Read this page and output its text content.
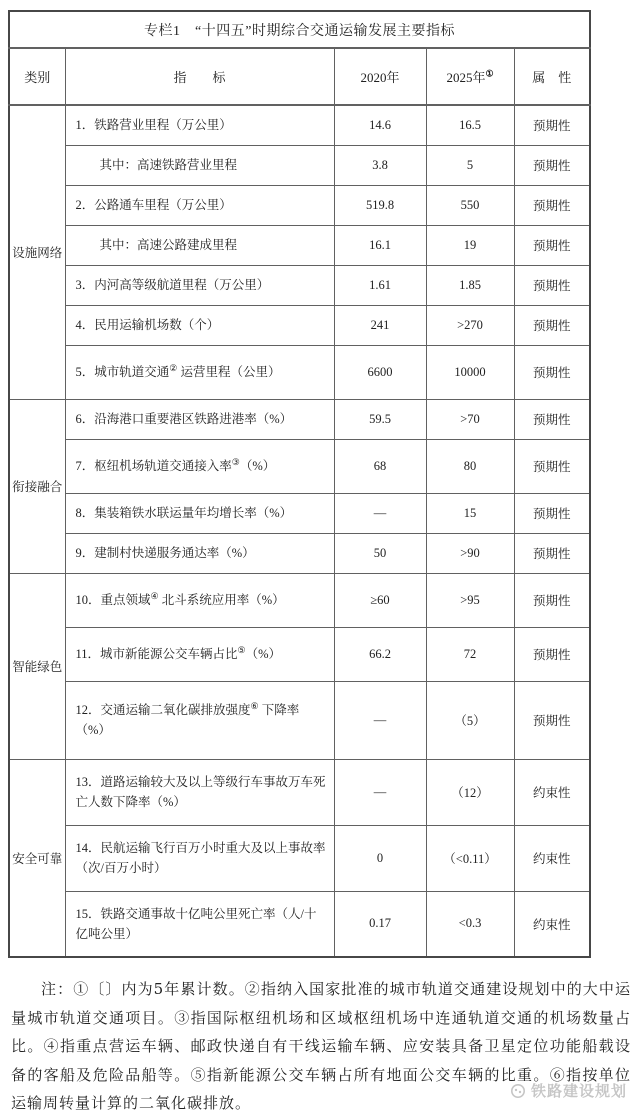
专栏1　“十四五”时期综合交通运输发展主要指标				
类别	指　　标	2020年	2025年①	属　性
设施网络	1．铁路营业里程（万公里）	14.6	16.5	预期性
	其中：高速铁路营业里程	3.8	5	预期性
	2．公路通车里程（万公里）	519.8	550	预期性
	其中：高速公路建成里程	16.1	19	预期性
	3．内河高等级航道里程（万公里）	1.61	1.85	预期性
	4．民用运输机场数（个）	241	>270	预期性
	5．城市轨道交通② 运营里程（公里）	6600	10000	预期性
衔接融合	6．沿海港口重要港区铁路进港率（%）	59.5	>70	预期性
	7．枢纽机场轨道交通接入率③（%）	68	80	预期性
	8．集装箱铁水联运量年均增长率（%）	—	15	预期性
	9．建制村快递服务通达率（%）	50	>90	预期性
智能绿色	10．重点领域④ 北斗系统应用率（%）	≥60	>95	预期性
	11．城市新能源公交车辆占比⑤（%）	66.2	72	预期性
	12．交通运输二氧化碳排放强度⑥ 下降率（%）	—	（5）	预期性
安全可靠	13．道路运输较大及以上等级行车事故万车死亡人数下降率（%）	—	（12）	约束性
	14．民航运输飞行百万小时重大及以上事故率（次/百万小时）	0	（<0.11）	约束性
	15．铁路交通事故十亿吨公里死亡率（人/十亿吨公里）	0.17	<0.3	约束性

注：①〔〕内为5年累计数。②指纳入国家批准的城市轨道交通建设规划中的大中运量城市轨道交通项目。③指国际枢纽机场和区域枢纽机场中连通轨道交通的机场数量占比。④指重点营运车辆、邮政快递自有干线运输车辆、应安装具备卫星定位功能船载设备的客船及危险品船等。⑤指新能源公交车辆占所有地面公交车辆的比重。⑥指按单位运输周转量计算的二氧化碳排放。

铁路建设规划
